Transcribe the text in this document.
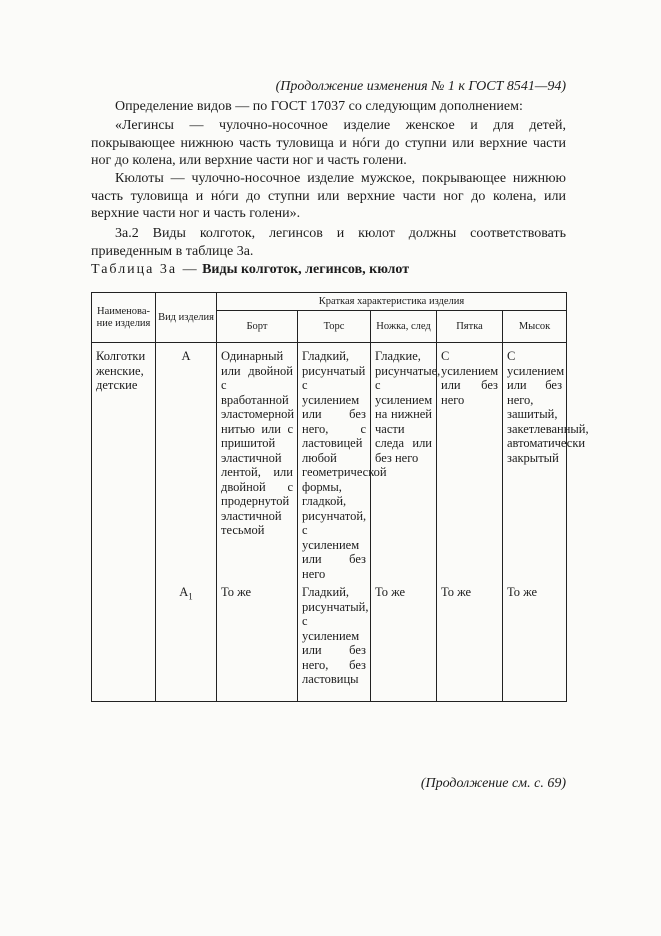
(Продолжение изменения № 1 к ГОСТ 8541—94)

Определение видов — по ГОСТ 17037 со следующим дополнением:

«Легинсы — чулочно-носочное изделие женское и для детей, покрывающее нижнюю часть туловища и нóги до ступни или верхние части ног до колена, или верхние части ног и часть голени.

Кюлоты — чулочно-носочное изделие мужское, покрывающее нижнюю часть туловища и нóги до ступни или верхние части ног до колена, или верхние части ног и часть голени».

3а.2 Виды колготок, легинсов и кюлот должны соответствовать приведенным в таблице 3а.

Таблица 3а — Виды колготок, легинсов, кюлот
Наименова-ние изделия	Вид изделия	Краткая характеристика изделия				
		Борт	Торс	Ножка, след	Пятка	Мысок
Колготки женские, детские	А	Одинарный или двойной с вработанной эластомерной нитью или с пришитой эластичной лентой, или двойной с продернутой эластичной тесьмой	Гладкий, рисунчатый с усилением или без него, с ластовицей любой геометрической формы, гладкой, рисунчатой, с усилением или без него	Гладкие, рисунчатые, с усилением на нижней части следа или без него	С усилением или без него	С усилением или без него, зашитый, закетлеванный, автоматически закрытый
	$А_1$	То же	Гладкий, рисунчатый, с усилением или без него, без ластовицы	То же	То же	То же
(Продолжение см. с. 69)
